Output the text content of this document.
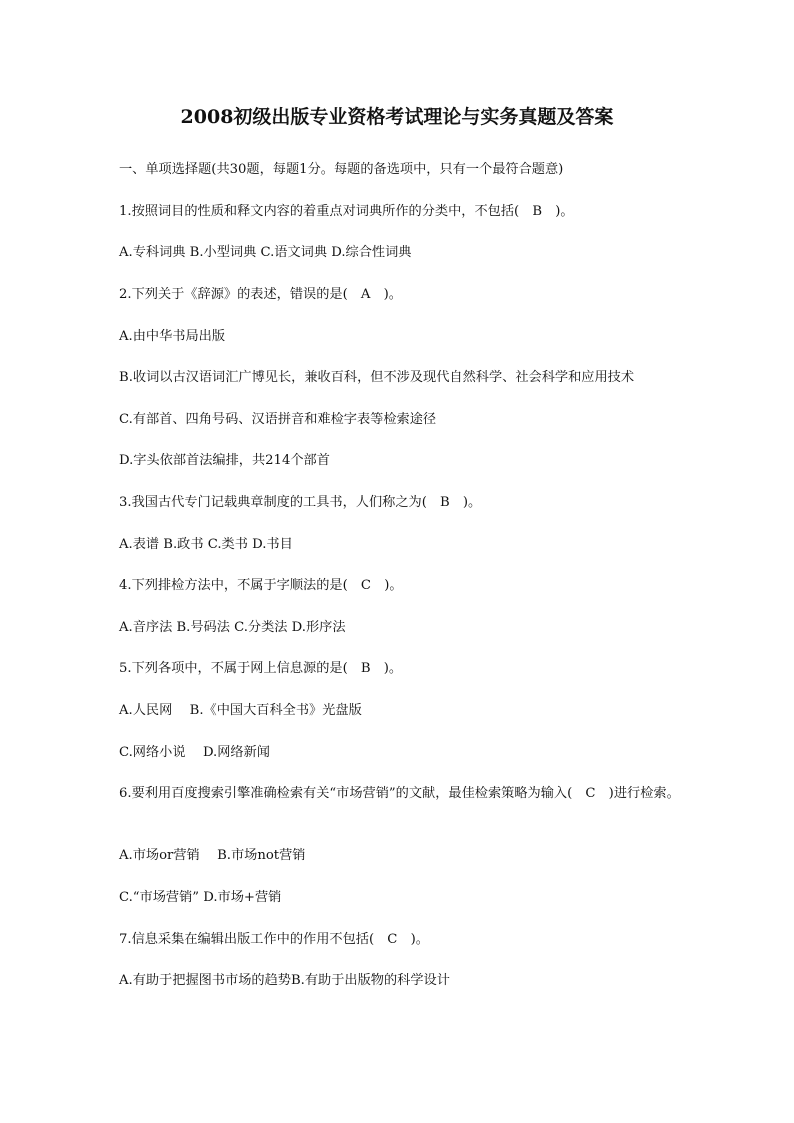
2008初级出版专业资格考试理论与实务真题及答案
一、单项选择题(共30题，每题1分。每题的备选项中，只有一个最符合题意)
1.按照词目的性质和释文内容的着重点对词典所作的分类中，不包括(　B　)。
A.专科词典 B.小型词典 C.语文词典 D.综合性词典
2.下列关于《辞源》的表述，错误的是(　A　)。
A.由中华书局出版
B.收词以古汉语词汇广博见长，兼收百科，但不涉及现代自然科学、社会科学和应用技术
C.有部首、四角号码、汉语拼音和难检字表等检索途径
D.字头依部首法编排，共214个部首
3.我国古代专门记载典章制度的工具书，人们称之为(　B　)。
A.表谱 B.政书 C.类书 D.书目
4.下列排检方法中，不属于字顺法的是(　C　)。
A.音序法 B.号码法 C.分类法 D.形序法
5.下列各项中，不属于网上信息源的是(　B　)。
A.人民网　 B.《中国大百科全书》光盘版
C.网络小说　 D.网络新闻
6.要利用百度搜索引擎准确检索有关“市场营销”的文献，最佳检索策略为输入(　C　)进行检索。
A.市场or营销　 B.市场not营销
C.“市场营销” D.市场+营销
7.信息采集在编辑出版工作中的作用不包括(　C　)。
A.有助于把握图书市场的趋势B.有助于出版物的科学设计
